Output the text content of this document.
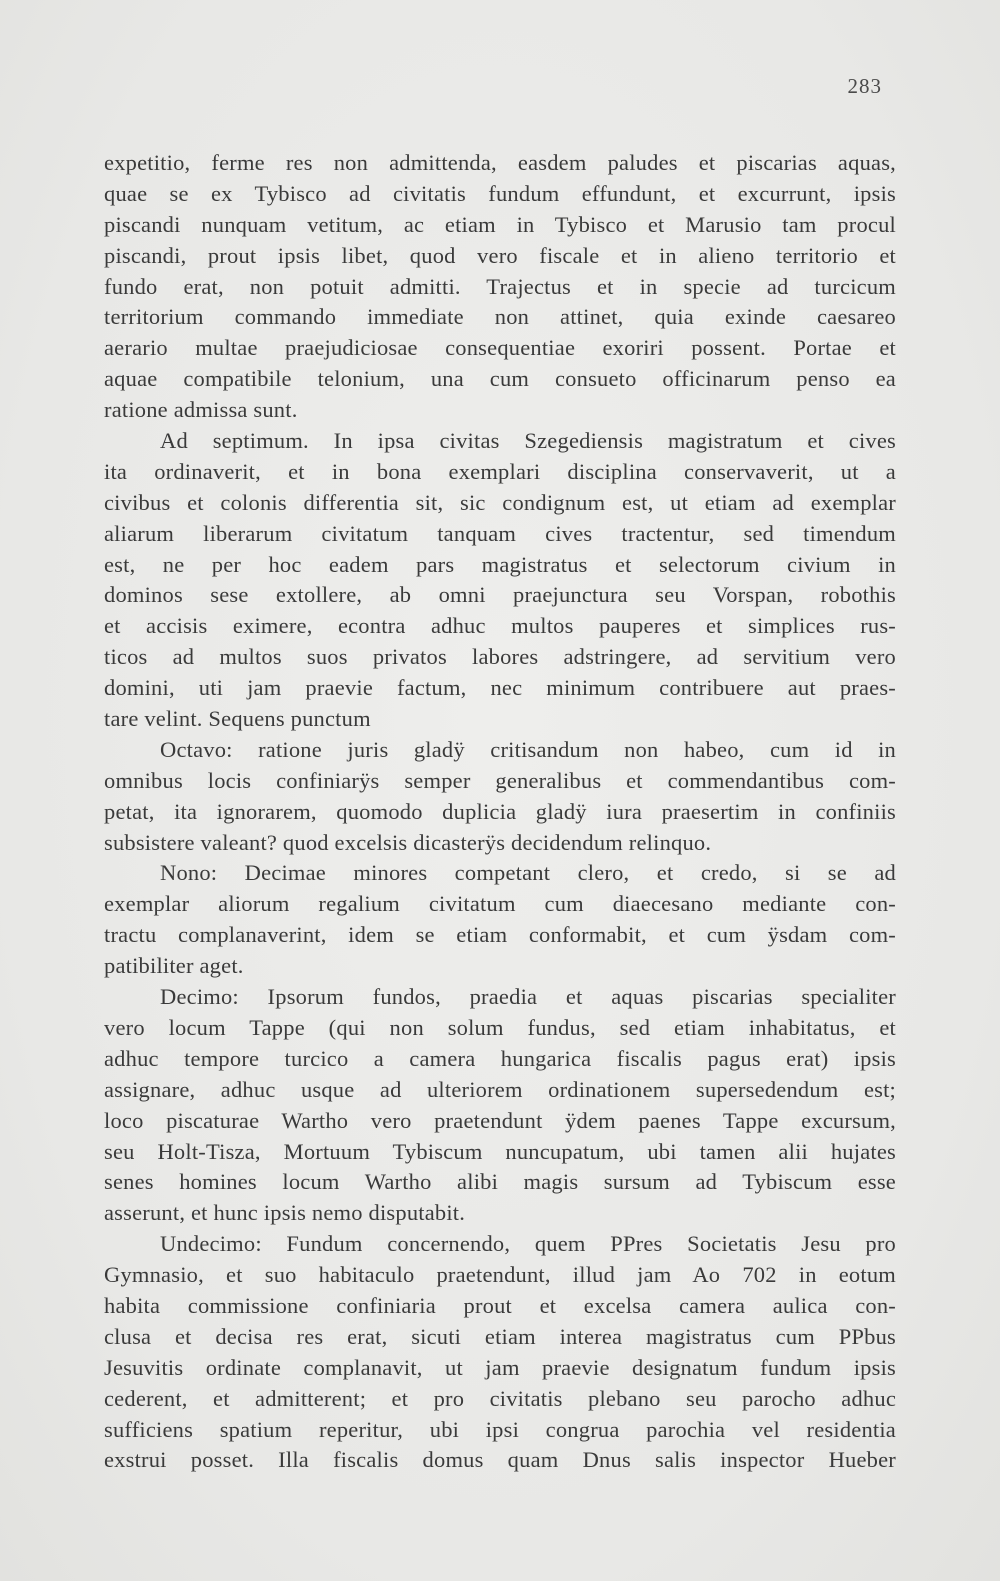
283
expetitio, ferme res non admittenda, easdem paludes et piscarias aquas,
quae se ex Tybisco ad civitatis fundum effundunt, et excurrunt, ipsis
piscandi nunquam vetitum, ac etiam in Tybisco et Marusio tam procul
piscandi, prout ipsis libet, quod vero fiscale et in alieno territorio et
fundo erat, non potuit admitti. Trajectus et in specie ad turcicum
territorium commando immediate non attinet, quia exinde caesareo
aerario multae praejudiciosae consequentiae exoriri possent. Portae et
aquae compatibile telonium, una cum consueto officinarum penso ea
ratione admissa sunt.
Ad septimum. In ipsa civitas Szegediensis magistratum et cives
ita ordinaverit, et in bona exemplari disciplina conservaverit, ut a
civibus et colonis differentia sit, sic condignum est, ut etiam ad exemplar
aliarum liberarum civitatum tanquam cives tractentur, sed timendum
est, ne per hoc eadem pars magistratus et selectorum civium in
dominos sese extollere, ab omni praejunctura seu Vorspan, robothis
et accisis eximere, econtra adhuc multos pauperes et simplices rus-
ticos ad multos suos privatos labores adstringere, ad servitium vero
domini, uti jam praevie factum, nec minimum contribuere aut praes-
tare velint. Sequens punctum
Octavo: ratione juris gladÿ critisandum non habeo, cum id in
omnibus locis confiniarÿs semper generalibus et commendantibus com-
petat, ita ignorarem, quomodo duplicia gladÿ iura praesertim in confiniis
subsistere valeant? quod excelsis dicasterÿs decidendum relinquo.
Nono: Decimae minores competant clero, et credo, si se ad
exemplar aliorum regalium civitatum cum diaecesano mediante con-
tractu complanaverint, idem se etiam conformabit, et cum ÿsdam com-
patibiliter aget.
Decimo: Ipsorum fundos, praedia et aquas piscarias specialiter
vero locum Tappe (qui non solum fundus, sed etiam inhabitatus, et
adhuc tempore turcico a camera hungarica fiscalis pagus erat) ipsis
assignare, adhuc usque ad ulteriorem ordinationem supersedendum est;
loco piscaturae Wartho vero praetendunt ÿdem paenes Tappe excursum,
seu Holt-Tisza, Mortuum Tybiscum nuncupatum, ubi tamen alii hujates
senes homines locum Wartho alibi magis sursum ad Tybiscum esse
asserunt, et hunc ipsis nemo disputabit.
Undecimo: Fundum concernendo, quem PPres Societatis Jesu pro
Gymnasio, et suo habitaculo praetendunt, illud jam Ao 702 in eotum
habita commissione confiniaria prout et excelsa camera aulica con-
clusa et decisa res erat, sicuti etiam interea magistratus cum PPbus
Jesuvitis ordinate complanavit, ut jam praevie designatum fundum ipsis
cederent, et admitterent; et pro civitatis plebano seu parocho adhuc
sufficiens spatium reperitur, ubi ipsi congrua parochia vel residentia
exstrui posset. Illa fiscalis domus quam Dnus salis inspector Hueber
